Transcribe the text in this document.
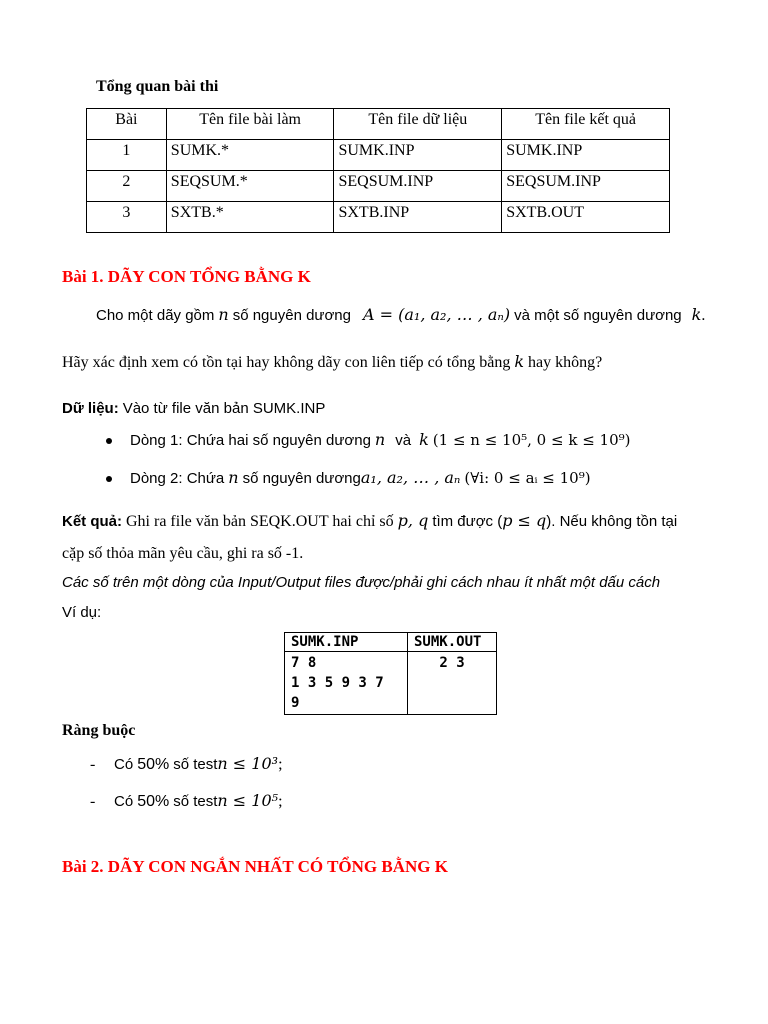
Tổng quan bài thi
Bài	Tên file bài làm	Tên file dữ liệu	Tên file kết quả
1	SUMK.*	SUMK.INP	SUMK.INP
2	SEQSUM.*	SEQSUM.INP	SEQSUM.INP
3	SXTB.*	SXTB.INP	SXTB.OUT
Bài 1. DÃY CON TỔNG BẰNG K
Cho một dãy gồm n số nguyên dương A = (a₁, a₂, … , aₙ) và một số nguyên dương k.
Hãy xác định xem có tồn tại hay không dãy con liên tiếp có tổng bằng k hay không?
Dữ liệu: Vào từ file văn bản SUMK.INP
Dòng 1: Chứa hai số nguyên dương n và k (1 ≤ n ≤ 10⁵, 0 ≤ k ≤ 10⁹)
Dòng 2: Chứa n số nguyên dươnga₁, a₂, … , aₙ (∀i: 0 ≤ aᵢ ≤ 10⁹)
Kết quả: Ghi ra file văn bản SEQK.OUT hai chỉ số p, q tìm được (p ≤ q). Nếu không tồn tại
cặp số thỏa mãn yêu cầu, ghi ra số -1.
Các số trên một dòng của Input/Output files được/phải ghi cách nhau ít nhất một dấu cách
Ví dụ:
SUMK.INP	SUMK.OUT

7 8
1 3 5 9 3 7
9	2 3
Ràng buộc
- Có 50% số testn ≤ 10³;
- Có 50% số testn ≤ 10⁵;
Bài 2. DÃY CON NGẮN NHẤT CÓ TỔNG BẰNG K
